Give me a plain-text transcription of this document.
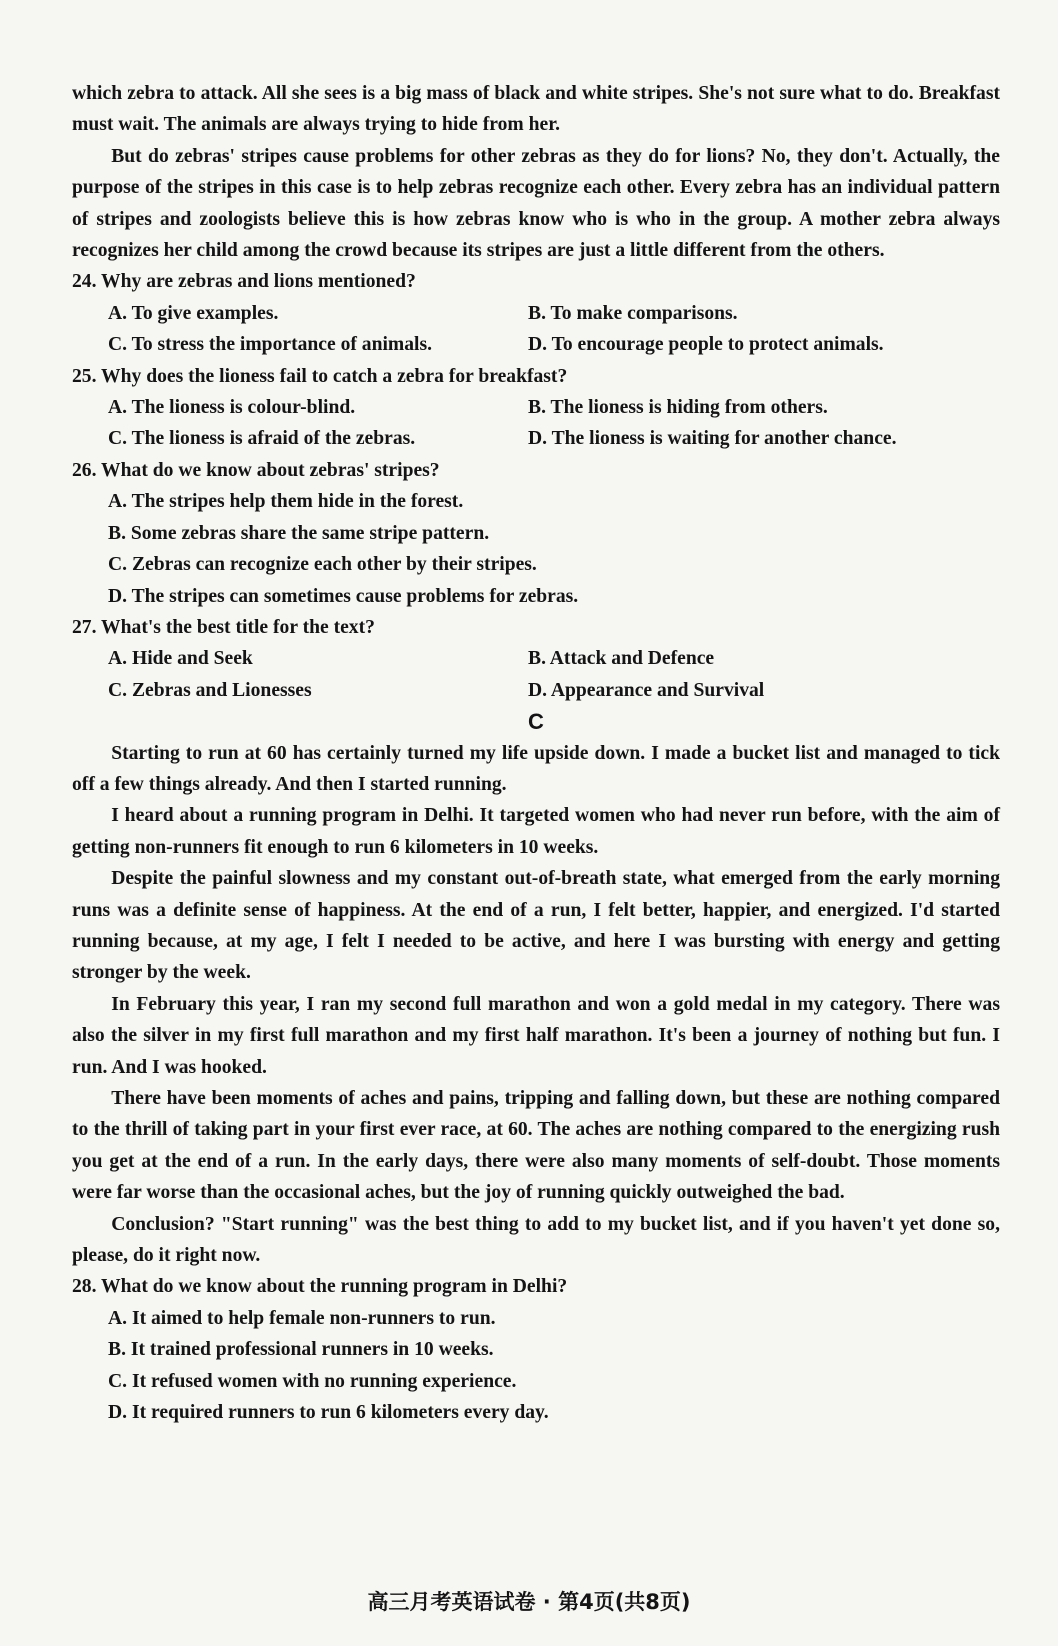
which zebra to attack. All she sees is a big mass of black and white stripes. She's not sure what to do. Breakfast must wait. The animals are always trying to hide from her.

But do zebras' stripes cause problems for other zebras as they do for lions? No, they don't. Actually, the purpose of the stripes in this case is to help zebras recognize each other. Every zebra has an individual pattern of stripes and zoologists believe this is how zebras know who is who in the group. A mother zebra always recognizes her child among the crowd because its stripes are just a little different from the others.

24. Why are zebras and lions mentioned?

A. To give examples.	B. To make comparisons.
C. To stress the importance of animals.	D. To encourage people to protect animals.

25. Why does the lioness fail to catch a zebra for breakfast?

A. The lioness is colour-blind.	B. The lioness is hiding from others.
C. The lioness is afraid of the zebras.	D. The lioness is waiting for another chance.

26. What do we know about zebras' stripes?

A. The stripes help them hide in the forest.

B. Some zebras share the same stripe pattern.

C. Zebras can recognize each other by their stripes.

D. The stripes can sometimes cause problems for zebras.

27. What's the best title for the text?

A. Hide and Seek	B. Attack and Defence
C. Zebras and Lionesses	D. Appearance and Survival

C

Starting to run at 60 has certainly turned my life upside down. I made a bucket list and managed to tick off a few things already. And then I started running.

I heard about a running program in Delhi. It targeted women who had never run before, with the aim of getting non-runners fit enough to run 6 kilometers in 10 weeks.

Despite the painful slowness and my constant out-of-breath state, what emerged from the early morning runs was a definite sense of happiness. At the end of a run, I felt better, happier, and energized. I'd started running because, at my age, I felt I needed to be active, and here I was bursting with energy and getting stronger by the week.

In February this year, I ran my second full marathon and won a gold medal in my category. There was also the silver in my first full marathon and my first half marathon. It's been a journey of nothing but fun. I run. And I was hooked.

There have been moments of aches and pains, tripping and falling down, but these are nothing compared to the thrill of taking part in your first ever race, at 60. The aches are nothing compared to the energizing rush you get at the end of a run. In the early days, there were also many moments of self-doubt. Those moments were far worse than the occasional aches, but the joy of running quickly outweighed the bad.

Conclusion? "Start running" was the best thing to add to my bucket list, and if you haven't yet done so, please, do it right now.

28. What do we know about the running program in Delhi?

A. It aimed to help female non-runners to run.

B. It trained professional runners in 10 weeks.

C. It refused women with no running experience.

D. It required runners to run 6 kilometers every day.

高三月考英语试卷 · 第4页(共8页)
